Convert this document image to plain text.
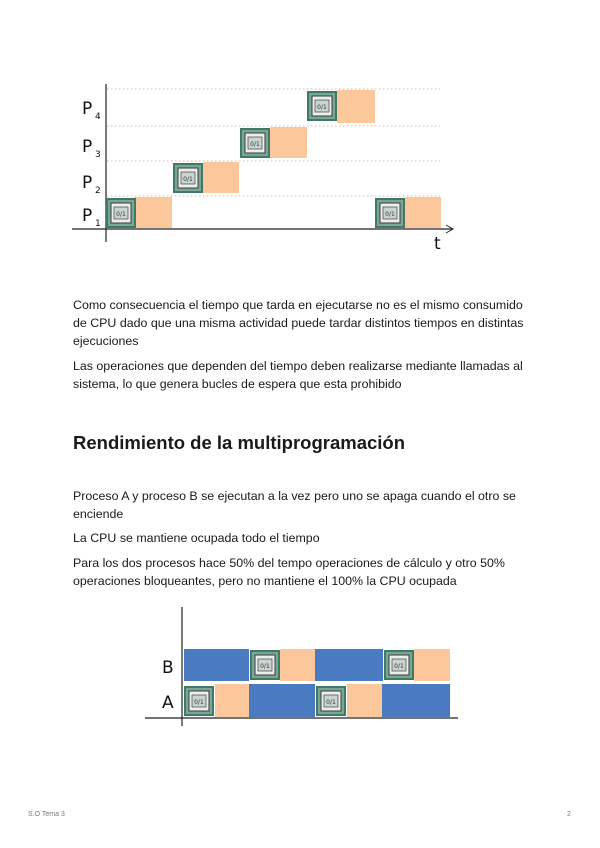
0/1
P 1
P 2
P 3
P 4
t

Como consecuencia el tiempo que tarda en ejecutarse no es el mismo consumido de CPU dado que una misma actividad puede tardar distintos tiempos en distintas ejecuciones

Las operaciones que dependen del tiempo deben realizarse mediante llamadas al sistema, lo que genera bucles de espera que esta prohibido

Rendimiento de la multiprogramación

Proceso A y proceso B se ejecutan a la vez pero uno se apaga cuando el otro se enciende

La CPU se mantiene ocupada todo el tiempo

Para los dos procesos hace 50% del tempo operaciones de cálculo y otro 50% operaciones bloqueantes, pero no mantiene el 100% la CPU ocupada

B
A
S.O Tema 3	2
